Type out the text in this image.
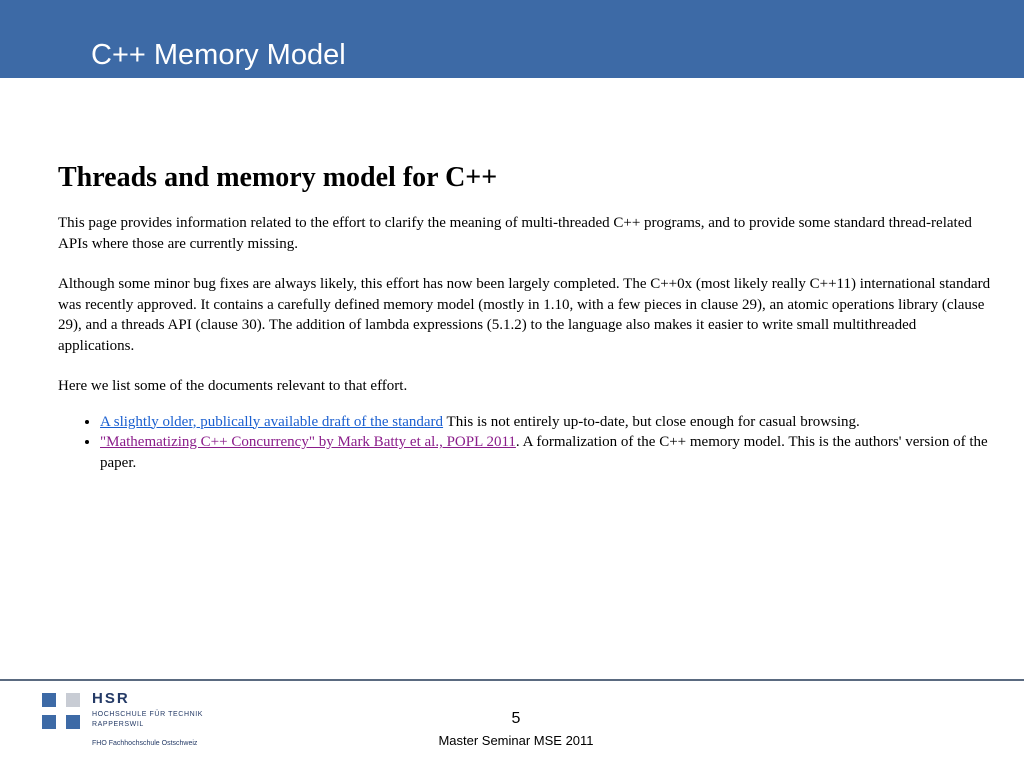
C++ Memory Model
Threads and memory model for C++

This page provides information related to the effort to clarify the meaning of multi-threaded C++ programs, and to provide some standard thread-related APIs where those are currently missing.

Although some minor bug fixes are always likely, this effort has now been largely completed. The C++0x (most likely really C++11) international standard was recently approved. It contains a carefully defined memory model (mostly in 1.10, with a few pieces in clause 29), an atomic operations library (clause 29), and a threads API (clause 30). The addition of lambda expressions (5.1.2) to the language also makes it easier to write small multithreaded applications.

Here we list some of the documents relevant to that effort.

• A slightly older, publically available draft of the standard This is not entirely up-to-date, but close enough for casual browsing.
• "Mathematizing C++ Concurrency" by Mark Batty et al., POPL 2011. A formalization of the C++ memory model. This is the authors' version of the paper.
HSR
HOCHSCHULE FÜR TECHNIK
RAPPERSWIL
FHO Fachhochschule Ostschweiz
5
Master Seminar MSE 2011
